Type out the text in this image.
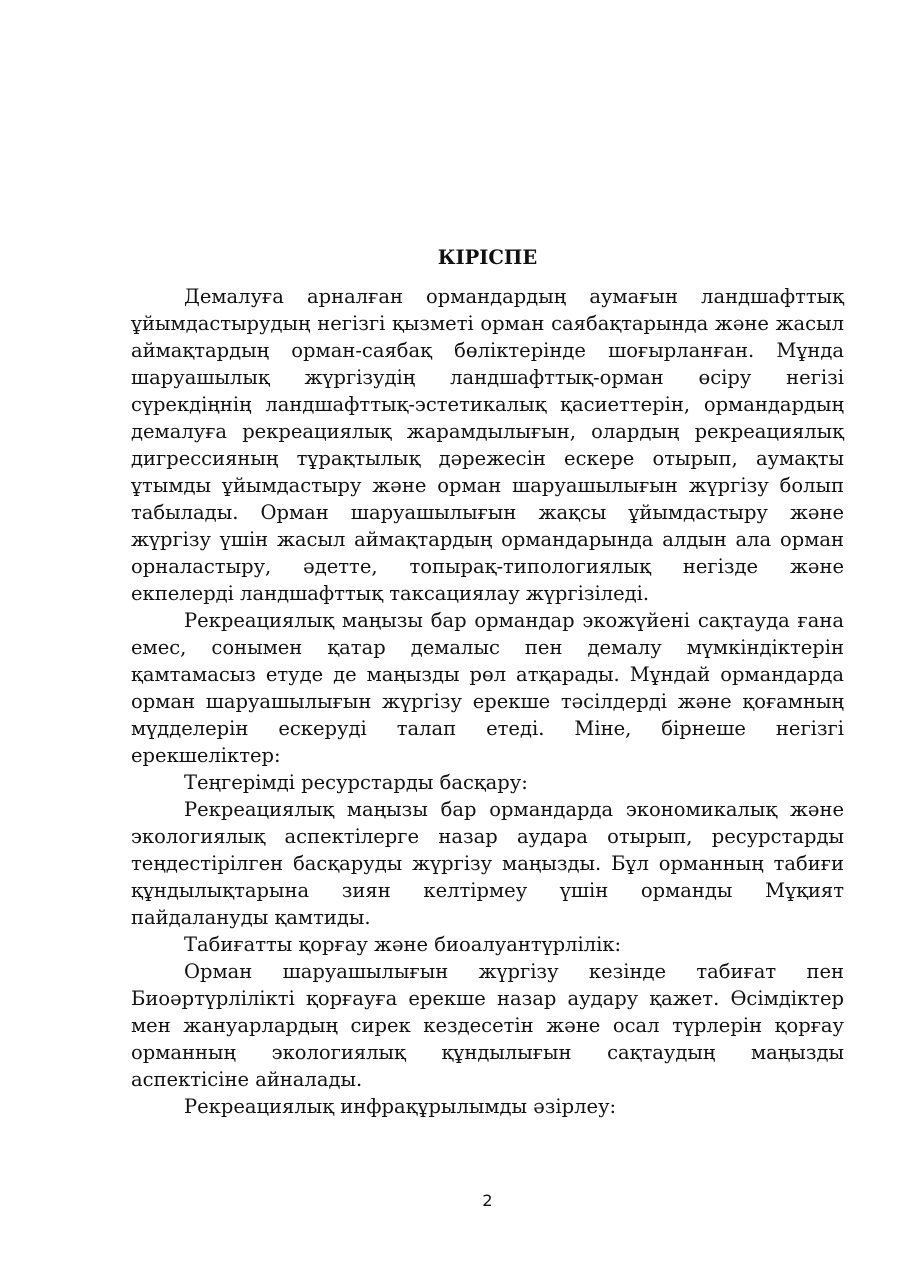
КІРІСПЕ

Демалуға арналған ормандардың аумағын ландшафттық ұйымдастырудың негізгі қызметі орман саябақтарында және жасыл аймақтардың орман-саябақ бөліктерінде шоғырланған. Мұнда шаруашылық жүргізудің ландшафттық-орман өсіру негізі сүрекдіңнің ландшафттық-эстетикалық қасиеттерін, ормандардың демалуға рекреациялық жарамдылығын, олардың рекреациялық дигрессияның тұрақтылық дәрежесін ескере отырып, аумақты ұтымды ұйымдастыру және орман шаруашылығын жүргізу болып табылады. Орман шаруашылығын жақсы ұйымдастыру және жүргізу үшін жасыл аймақтардың ормандарында алдын ала орман орналастыру, әдетте, топырақ-типологиялық негізде және екпелерді ландшафттық таксациялау жүргізіледі.

Рекреациялық маңызы бар ормандар экожүйені сақтауда ғана емес, сонымен қатар демалыс пен демалу мүмкіндіктерін қамтамасыз етуде де маңызды рөл атқарады. Мұндай ормандарда орман шаруашылығын жүргізу ерекше тәсілдерді және қоғамның мүдделерін ескеруді талап етеді. Міне, бірнеше негізгі ерекшеліктер:

Теңгерімді ресурстарды басқару:

Рекреациялық маңызы бар ормандарда экономикалық және экологиялық аспектілерге назар аудара отырып, ресурстарды теңдестірілген басқаруды жүргізу маңызды. Бұл орманның табиғи құндылықтарына зиян келтірмеу үшін орманды Мұқият пайдалануды қамтиды.

Табиғатты қорғау және биоалуантүрлілік:

Орман шаруашылығын жүргізу кезінде табиғат пен Биоәртүрлілікті қорғауға ерекше назар аудару қажет. Өсімдіктер мен жануарлардың сирек кездесетін және осал түрлерін қорғау орманның экологиялық құндылығын сақтаудың маңызды аспектісіне айналады.

Рекреациялық инфрақұрылымды әзірлеу:

2
